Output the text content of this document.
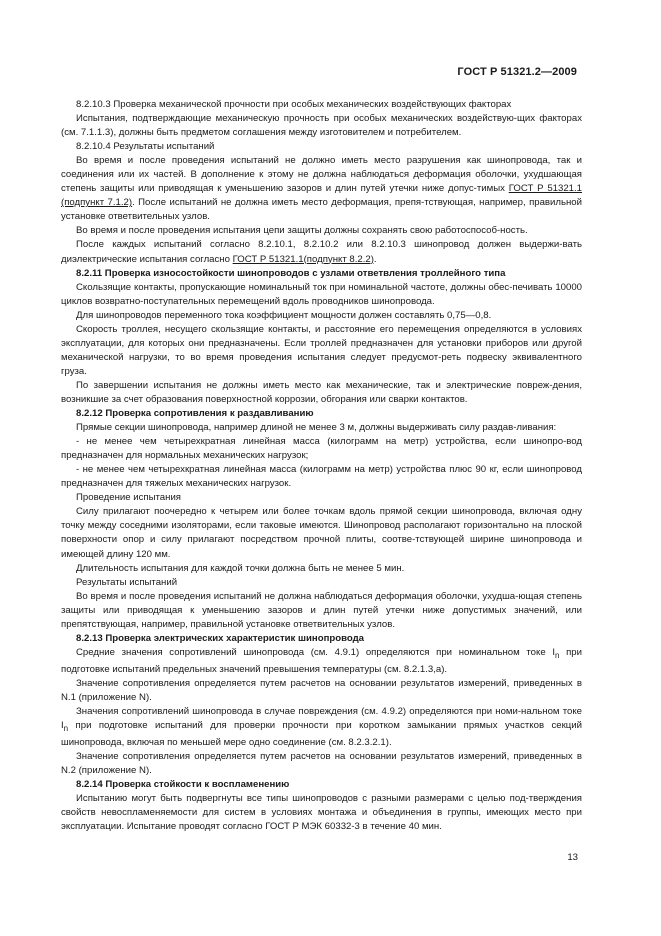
ГОСТ Р 51321.2—2009

8.2.10.3 Проверка механической прочности при особых механических воздействующих факторах

Испытания, подтверждающие механическую прочность при особых механических воздействую-щих факторах (см. 7.1.1.3), должны быть предметом соглашения между изготовителем и потребителем.

8.2.10.4 Результаты испытаний

Во время и после проведения испытаний не должно иметь место разрушения как шинопровода, так и соединения или их частей. В дополнение к этому не должна наблюдаться деформация оболочки, ухудшающая степень защиты или приводящая к уменьшению зазоров и длин путей утечки ниже допус-тимых ГОСТ Р 51321.1 (подпункт 7.1.2). После испытаний не должна иметь место деформация, препя-тствующая, например, правильной установке ответвительных узлов.

Во время и после проведения испытания цепи защиты должны сохранять свою работоспособ-ность.

После каждых испытаний согласно 8.2.10.1, 8.2.10.2 или 8.2.10.3 шинопровод должен выдержи-вать диэлектрические испытания согласно ГОСТ Р 51321.1(подпункт 8.2.2).

8.2.11 Проверка износостойкости шинопроводов с узлами ответвления троллейного типа

Скользящие контакты, пропускающие номинальный ток при номинальной частоте, должны обес-печивать 10000 циклов возвратно-поступательных перемещений вдоль проводников шинопровода.

Для шинопроводов переменного тока коэффициент мощности должен составлять 0,75—0,8.

Скорость троллея, несущего скользящие контакты, и расстояние его перемещения определяются в условиях эксплуатации, для которых они предназначены. Если троллей предназначен для установки приборов или другой механической нагрузки, то во время проведения испытания следует предусмот-реть подвеску эквивалентного груза.

По завершении испытания не должны иметь место как механические, так и электрические повреж-дения, возникшие за счет образования поверхностной коррозии, обгорания или сварки контактов.

8.2.12 Проверка сопротивления к раздавливанию

Прямые секции шинопровода, например длиной не менее 3 м, должны выдерживать силу раздав-ливания:

- не менее чем четырехкратная линейная масса (килограмм на метр) устройства, если шинопро-вод предназначен для нормальных механических нагрузок;

- не менее чем четырехкратная линейная масса (килограмм на метр) устройства плюс 90 кг, если шинопровод предназначен для тяжелых механических нагрузок.

Проведение испытания

Силу прилагают поочередно к четырем или более точкам вдоль прямой секции шинопровода, включая одну точку между соседними изоляторами, если таковые имеются. Шинопровод располагают горизонтально на плоской поверхности опор и силу прилагают посредством прочной плиты, соотве-тствующей ширине шинопровода и имеющей длину 120 мм.

Длительность испытания для каждой точки должна быть не менее 5 мин.

Результаты испытаний

Во время и после проведения испытаний не должна наблюдаться деформация оболочки, ухудша-ющая степень защиты или приводящая к уменьшению зазоров и длин путей утечки ниже допустимых значений, или препятствующая, например, правильной установке ответвительных узлов.

8.2.13 Проверка электрических характеристик шинопровода

Средние значения сопротивлений шинопровода (см. 4.9.1) определяются при номинальном токе $I_n$ при подготовке испытаний предельных значений превышения температуры (см. 8.2.1.3,а).

Значение сопротивления определяется путем расчетов на основании результатов измерений, приведенных в N.1 (приложение N).

Значения сопротивлений шинопровода в случае повреждения (см. 4.9.2) определяются при номи-нальном токе $I_n$ при подготовке испытаний для проверки прочности при коротком замыкании прямых участков секций шинопровода, включая по меньшей мере одно соединение (см. 8.2.3.2.1).

Значение сопротивления определяется путем расчетов на основании результатов измерений, приведенных в N.2 (приложение N).

8.2.14 Проверка стойкости к воспламенению

Испытанию могут быть подвергнуты все типы шинопроводов с разными размерами с целью под-тверждения свойств невоспламеняемости для систем в условиях монтажа и объединения в группы, имеющих место при эксплуатации. Испытание проводят согласно ГОСТ Р МЭК 60332-3 в течение 40 мин.

13
